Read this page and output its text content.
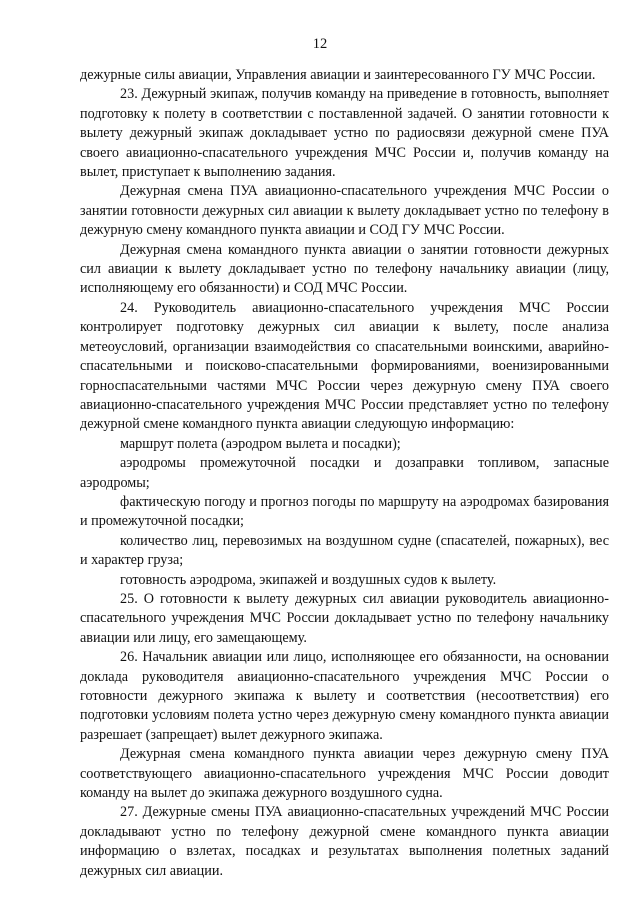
12

дежурные силы авиации, Управления авиации и заинтересованного ГУ МЧС России.

23. Дежурный экипаж, получив команду на приведение в готовность, выполняет подготовку к полету в соответствии с поставленной задачей. О занятии готовности к вылету дежурный экипаж докладывает устно по радиосвязи дежурной смене ПУА своего авиационно-спасательного учреждения МЧС России и, получив команду на вылет, приступает к выполнению задания.

Дежурная смена ПУА авиационно-спасательного учреждения МЧС России о занятии готовности дежурных сил авиации к вылету докладывает устно по телефону в дежурную смену командного пункта авиации и СОД ГУ МЧС России.

Дежурная смена командного пункта авиации о занятии готовности дежурных сил авиации к вылету докладывает устно по телефону начальнику авиации (лицу, исполняющему его обязанности) и СОД МЧС России.

24. Руководитель авиационно-спасательного учреждения МЧС России контролирует подготовку дежурных сил авиации к вылету, после анализа метеоусловий, организации взаимодействия со спасательными воинскими, аварийно-спасательными и поисково-спасательными формированиями, военизированными горноспасательными частями МЧС России через дежурную смену ПУА своего авиационно-спасательного учреждения МЧС России представляет устно по телефону дежурной смене командного пункта авиации следующую информацию:

маршрут полета (аэродром вылета и посадки);

аэродромы промежуточной посадки и дозаправки топливом, запасные аэродромы;

фактическую погоду и прогноз погоды по маршруту на аэродромах базирования и промежуточной посадки;

количество лиц, перевозимых на воздушном судне (спасателей, пожарных), вес и характер груза;

готовность аэродрома, экипажей и воздушных судов к вылету.

25. О готовности к вылету дежурных сил авиации руководитель авиационно-спасательного учреждения МЧС России докладывает устно по телефону начальнику авиации или лицу, его замещающему.

26. Начальник авиации или лицо, исполняющее его обязанности, на основании доклада руководителя авиационно-спасательного учреждения МЧС России о готовности дежурного экипажа к вылету и соответствия (несоответствия) его подготовки условиям полета устно через дежурную смену командного пункта авиации разрешает (запрещает) вылет дежурного экипажа.

Дежурная смена командного пункта авиации через дежурную смену ПУА соответствующего авиационно-спасательного учреждения МЧС России доводит команду на вылет до экипажа дежурного воздушного судна.

27. Дежурные смены ПУА авиационно-спасательных учреждений МЧС России докладывают устно по телефону дежурной смене командного пункта авиации информацию о взлетах, посадках и результатах выполнения полетных заданий дежурных сил авиации.
